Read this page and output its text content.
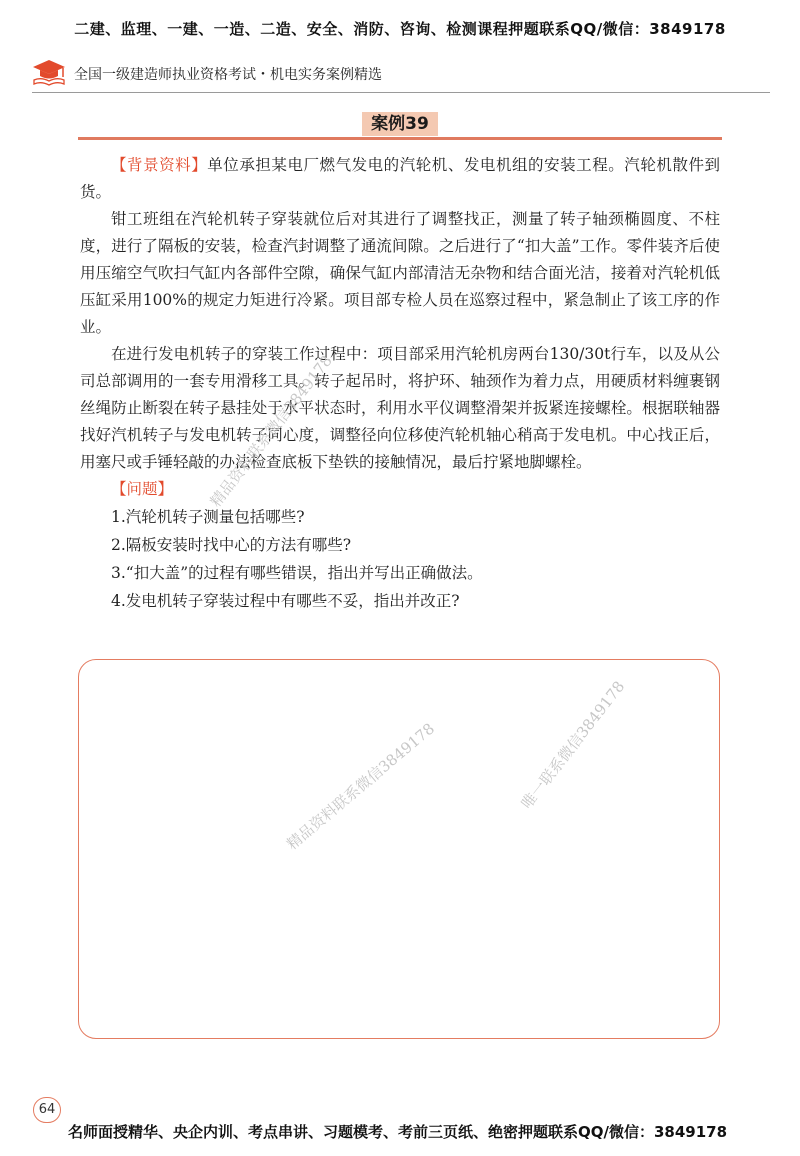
二建、监理、一建、一造、二造、安全、消防、咨询、检测课程押题联系QQ/微信：3849178
全国一级建造师执业资格考试・机电实务案例精选
案例39

【背景资料】单位承担某电厂燃气发电的汽轮机、发电机组的安装工程。汽轮机散件到货。

钳工班组在汽轮机转子穿装就位后对其进行了调整找正，测量了转子轴颈椭圆度、不柱度，进行了隔板的安装，检查汽封调整了通流间隙。之后进行了“扣大盖”工作。零件装齐后使用压缩空气吹扫气缸内各部件空隙，确保气缸内部清洁无杂物和结合面光洁，接着对汽轮机低压缸采用100%的规定力矩进行冷紧。项目部专检人员在巡察过程中，紧急制止了该工序的作业。

在进行发电机转子的穿装工作过程中：项目部采用汽轮机房两台130/30t行车，以及从公司总部调用的一套专用滑移工具。转子起吊时，将护环、轴颈作为着力点，用硬质材料缠裹钢丝绳防止断裂在转子悬挂处于水平状态时，利用水平仪调整滑架并扳紧连接螺栓。根据联轴器找好汽机转子与发电机转子同心度，调整径向位移使汽轮机轴心稍高于发电机。中心找正后，用塞尺或手锤轻敲的办法检查底板下垫铁的接触情况，最后拧紧地脚螺栓。

【问题】

1.汽轮机转子测量包括哪些?
2.隔板安装时找中心的方法有哪些?
3.“扣大盖”的过程有哪些错误，指出并写出正确做法。
4.发电机转子穿装过程中有哪些不妥，指出并改正?
精品资料联系微信3849178
精品资料联系微信3849178	唯一联系微信3849178
64
名师面授精华、央企内训、考点串讲、习题模考、考前三页纸、绝密押题联系QQ/微信：3849178
